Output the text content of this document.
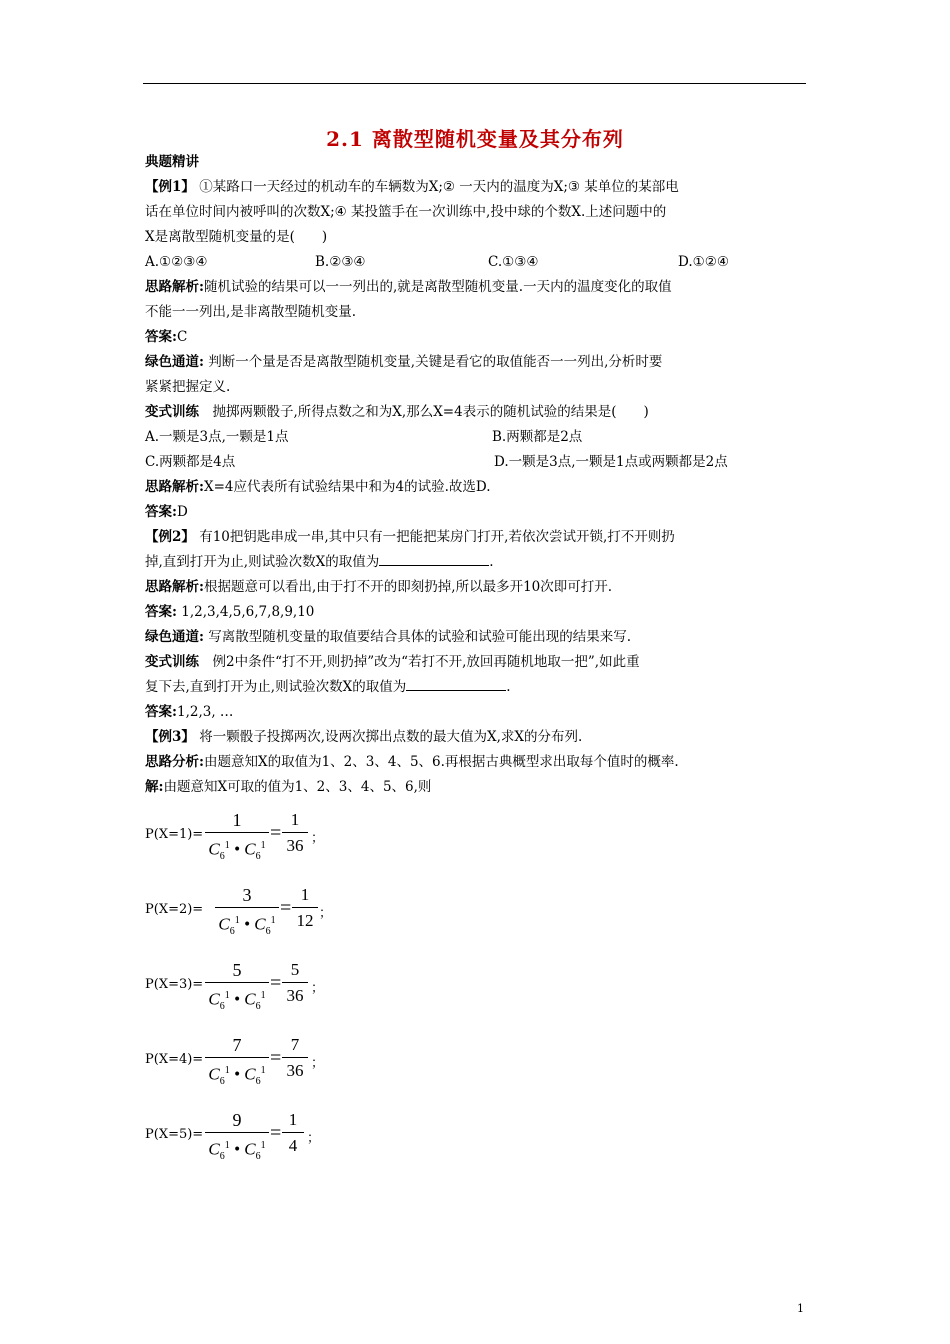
2.1 离散型随机变量及其分布列
典题精讲
【例1】 ①某路口一天经过的机动车的车辆数为X;② 一天内的温度为X;③ 某单位的某部电
话在单位时间内被呼叫的次数X;④ 某投篮手在一次训练中,投中球的个数X.上述问题中的
X是离散型随机变量的是(　　)
A.①②③④	B.②③④	C.①③④	D.①②④
思路解析:随机试验的结果可以一一列出的,就是离散型随机变量.一天内的温度变化的取值
不能一一列出,是非离散型随机变量.
答案:C
绿色通道: 判断一个量是否是离散型随机变量,关键是看它的取值能否一一列出,分析时要
紧紧把握定义.
变式训练　 抛掷两颗骰子,所得点数之和为X,那么X=4表示的随机试验的结果是(　　)
A.一颗是3点,一颗是1点	B.两颗都是2点
C.两颗都是4点	D.一颗是3点,一颗是1点或两颗都是2点
思路解析:X=4应代表所有试验结果中和为4的试验.故选D.
答案:D
【例2】 有10把钥匙串成一串,其中只有一把能把某房门打开,若依次尝试开锁,打不开则扔
掉,直到打开为止,则试验次数X的取值为	.
思路解析:根据题意可以看出,由于打不开的即刻扔掉,所以最多开10次即可打开.
答案: 1,2,3,4,5,6,7,8,9,10
绿色通道: 写离散型随机变量的取值要结合具体的试验和试验可能出现的结果来写.
变式训练　 例2中条件“打不开,则扔掉”改为“若打不开,放回再随机地取一把”,如此重
复下去,直到打开为止,则试验次数X的取值为	.
答案:1,2,3, …
【例3】 将一颗骰子投掷两次,设两次掷出点数的最大值为X,求X的分布列.
思路分析:由题意知X的取值为1、2、3、4、5、6.再根据古典概型求出取每个值时的概率.
解:由题意知X可取的值为1、2、3、4、5、6,则
P(X=1)=
1
$C_6^1$ • $C_6^1$
=
1
36 ；
P(X=2)=
3
$C_6^1$ • $C_6^1$
=
1
12 ；
P(X=3)=
5
$C_6^1$ • $C_6^1$
=
5
36 ；
P(X=4)=
7
$C_6^1$ • $C_6^1$
=
7
36 ；
P(X=5)=
9
$C_6^1$ • $C_6^1$
=
1
4 ；
1
